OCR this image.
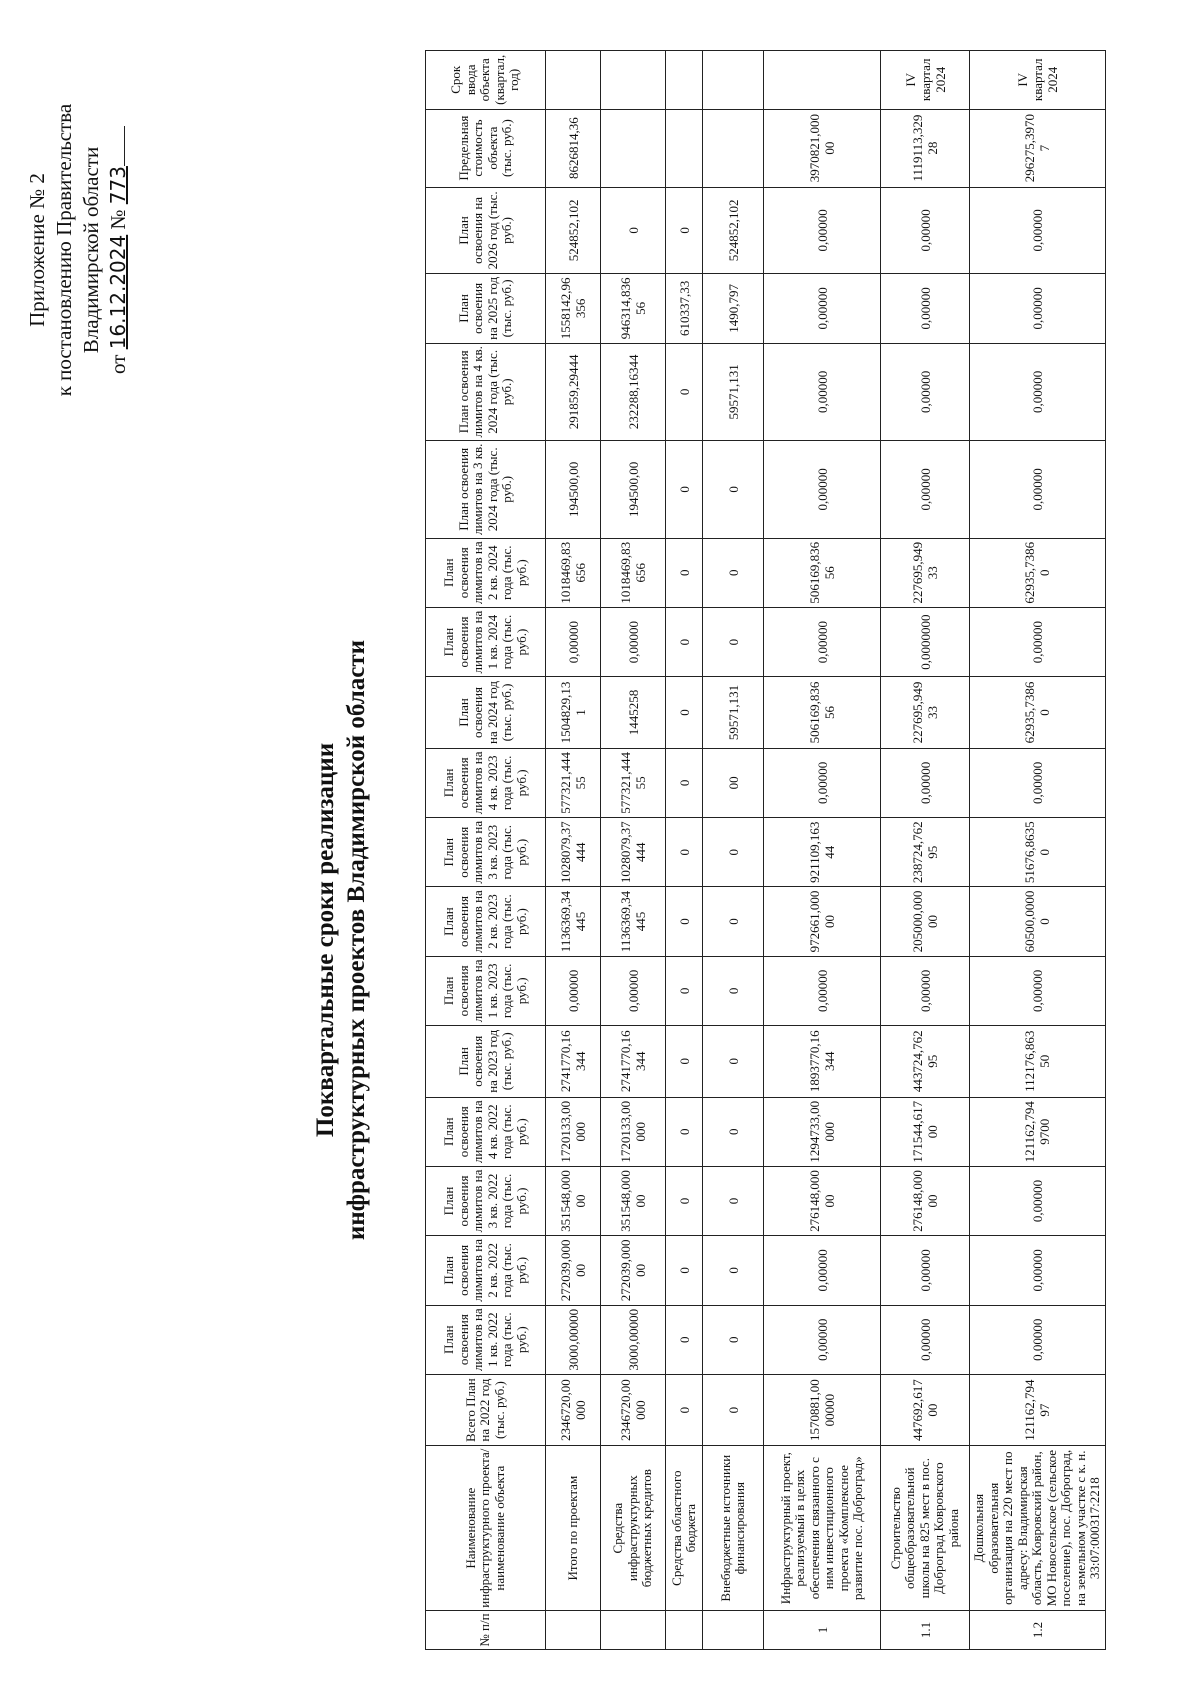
Приложение № 2 к постановлению Правительства Владимирской области
от 16.12.2024 № 773
Поквартальные сроки реализации инфраструктурных проектов Владимирской области
№ п/п	Наименование инфраструктурного проекта/наименование объекта	Всего План на 2022 год (тыс. руб.)	План освоения лимитов на 1 кв. 2022 года (тыс. руб.)	План освоения лимитов на 2 кв. 2022 года (тыс. руб.)	План освоения лимитов на 3 кв. 2022 года (тыс. руб.)	План освоения лимитов на 4 кв. 2022 года (тыс. руб.)	План освоения на 2023 год (тыс. руб.)	План освоения лимитов на 1 кв. 2023 года (тыс. руб.)	План освоения лимитов на 2 кв. 2023 года (тыс. руб.)	План освоения лимитов на 3 кв. 2023 года (тыс. руб.)	План освоения лимитов на 4 кв. 2023 года (тыс. руб.)	План освоения на 2024 год (тыс. руб.)	План освоения лимитов на 1 кв. 2024 года (тыс. руб.)	План освоения лимитов на 2 кв. 2024 года (тыс. руб.)	План освоения лимитов на 3 кв. 2024 года (тыс. руб.)	План освоения лимитов на 4 кв. 2024 года (тыс. руб.)	План освоения на 2025 год (тыс. руб.)	План освоения на 2026 год (тыс. руб.)	Предельная стоимость объекта (тыс. руб.)	Срок ввода объекта (квартал, год)
	Итого по проектам	2346720,00000	3000,00000	272039,00000	351548,00000	1720133,00000	2741770,16344	0,00000	1136369,34445	1028079,37444	577321,44455	1504829,131	0,00000	1018469,83656	194500,00	291859,29444	1558142,96356	524852,102	8626814,36	
	Средства инфраструктурных бюджетных кредитов	2346720,00000	3000,00000	272039,00000	351548,00000	1720133,00000	2741770,16344	0,00000	1136369,34445	1028079,37444	577321,44455	1445258	0,00000	1018469,83656	194500,00	232288,16344	946314,83656	0		
	Средства областного бюджета	0	0	0	0	0	0	0	0	0	0	0	0	0	0	0	610337,33	0		
	Внебюджетные источники финансирования	0	0	0	0	0	0	0	0	0	00	59571,131	0	0	0	59571,131	1490,797	524852,102		
1	Инфраструктурный проект, реализуемый в целях обеспечения связанного с ним инвестиционного проекта «Комплексное развитие пос. Доброград»	1570881,0000000	0,00000	0,00000	276148,00000	1294733,00000	1893770,16344	0,00000	972661,00000	921109,16344	0,00000	506169,83656	0,00000	506169,83656	0,00000	0,00000	0,00000	0,00000	3970821,00000	
1.1	Строительство общеобразовательной школы на 825 мест в пос. Доброград Ковровского района	447692,61700	0,00000	0,00000	276148,00000	171544,61700	443724,76295	0,00000	205000,00000	238724,76295	0,00000	227695,94933	0,0000000	227695,94933	0,00000	0,00000	0,00000	0,00000	1119113,32928	IV квартал 2024
1.2	Дошкольная образовательная организация на 220 мест по адресу: Владимирская область, Ковровский район, МО Новосельское (сельское поселение), пос. Доброград, на земельном участке с к. н. 33:07:000317:2218	121162,79497	0,00000	0,00000	0,00000	121162,7949700	112176,86350	0,00000	60500,00000	51676,86350	0,00000	62935,73860	0,00000	62935,73860	0,00000	0,00000	0,00000	0,00000	296275,39707	IV квартал 2024
